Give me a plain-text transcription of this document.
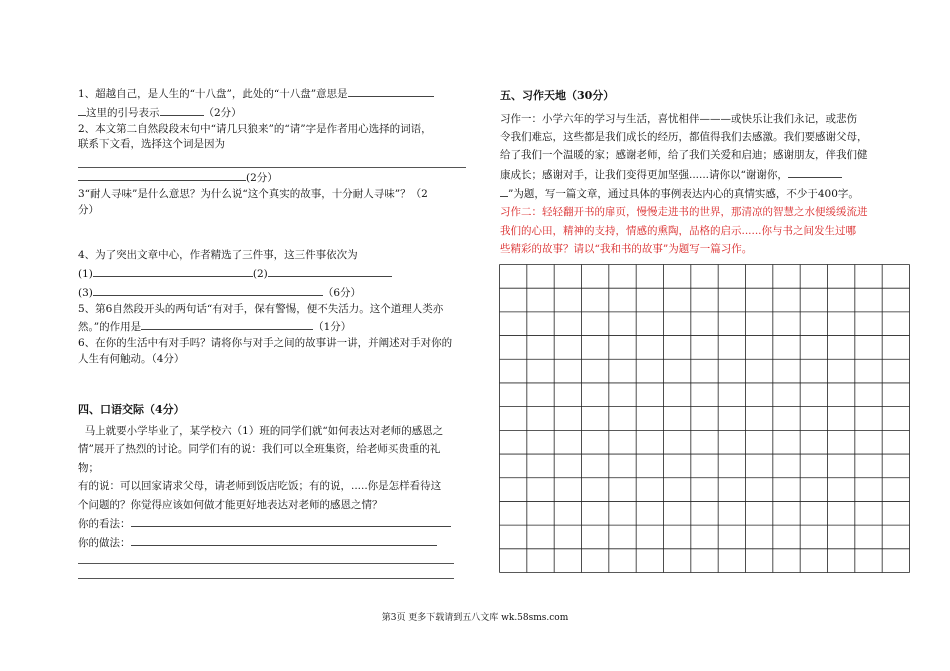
1、超越自己，是人生的“十八盘”，此处的“十八盘”意思是
这里的引号表示	（2分）

2、本文第二自然段段末句中“请几只狼来”的“请”字是作者用心选择的词语，
联系下文看，选择这个词是因为

(2分）

3“耐人寻味”是什么意思？为什么说“这个真实的故事，十分耐人寻味”？（2
分）

4、为了突出文章中心，作者精选了三件事，这三件事依次为
(1)	(2)
(3)	（6分）

5、第6自然段开头的两句话“有对手，保有警惕，便不失活力。这个道理人类亦
然。”的作用是	（1分）

6、在你的生活中有对手吗？请将你与对手之间的故事讲一讲，并阐述对手对你的
人生有何触动。（4分）

四、口语交际（4分）

马上就要小学毕业了，某学校六（1）班的同学们就“如何表达对老师的感恩之
情”展开了热烈的讨论。同学们有的说：我们可以全班集资，给老师买贵重的礼
物；
有的说：可以回家请求父母，请老师到饭店吃饭；有的说，.....你是怎样看待这
个问题的？你觉得应该如何做才能更好地表达对老师的感恩之情？

你的看法：
你的做法：

五、习作天地（30分）

习作一：小学六年的学习与生活，喜忧相伴———或快乐让我们永记，或悲伤
令我们难忘，这些都是我们成长的经历，都值得我们去感激。我们要感谢父母，
给了我们一个温暖的家；感谢老师，给了我们关爱和启迪；感谢朋友，伴我们健
康成长；感谢对手，让我们变得更加坚强......请你以“谢谢你，
”为题，写一篇文章，通过具体的事例表达内心的真情实感，不少于400字。

习作二：轻轻翻开书的扉页，慢慢走进书的世界，那清凉的智慧之水便缓缓流进
我们的心田，精神的支持，情感的熏陶，品格的启示......你与书之间发生过哪
些精彩的故事？请以“我和书的故事”为题写一篇习作。

第3页 更多下载请到五八文库 wk.58sms.com
